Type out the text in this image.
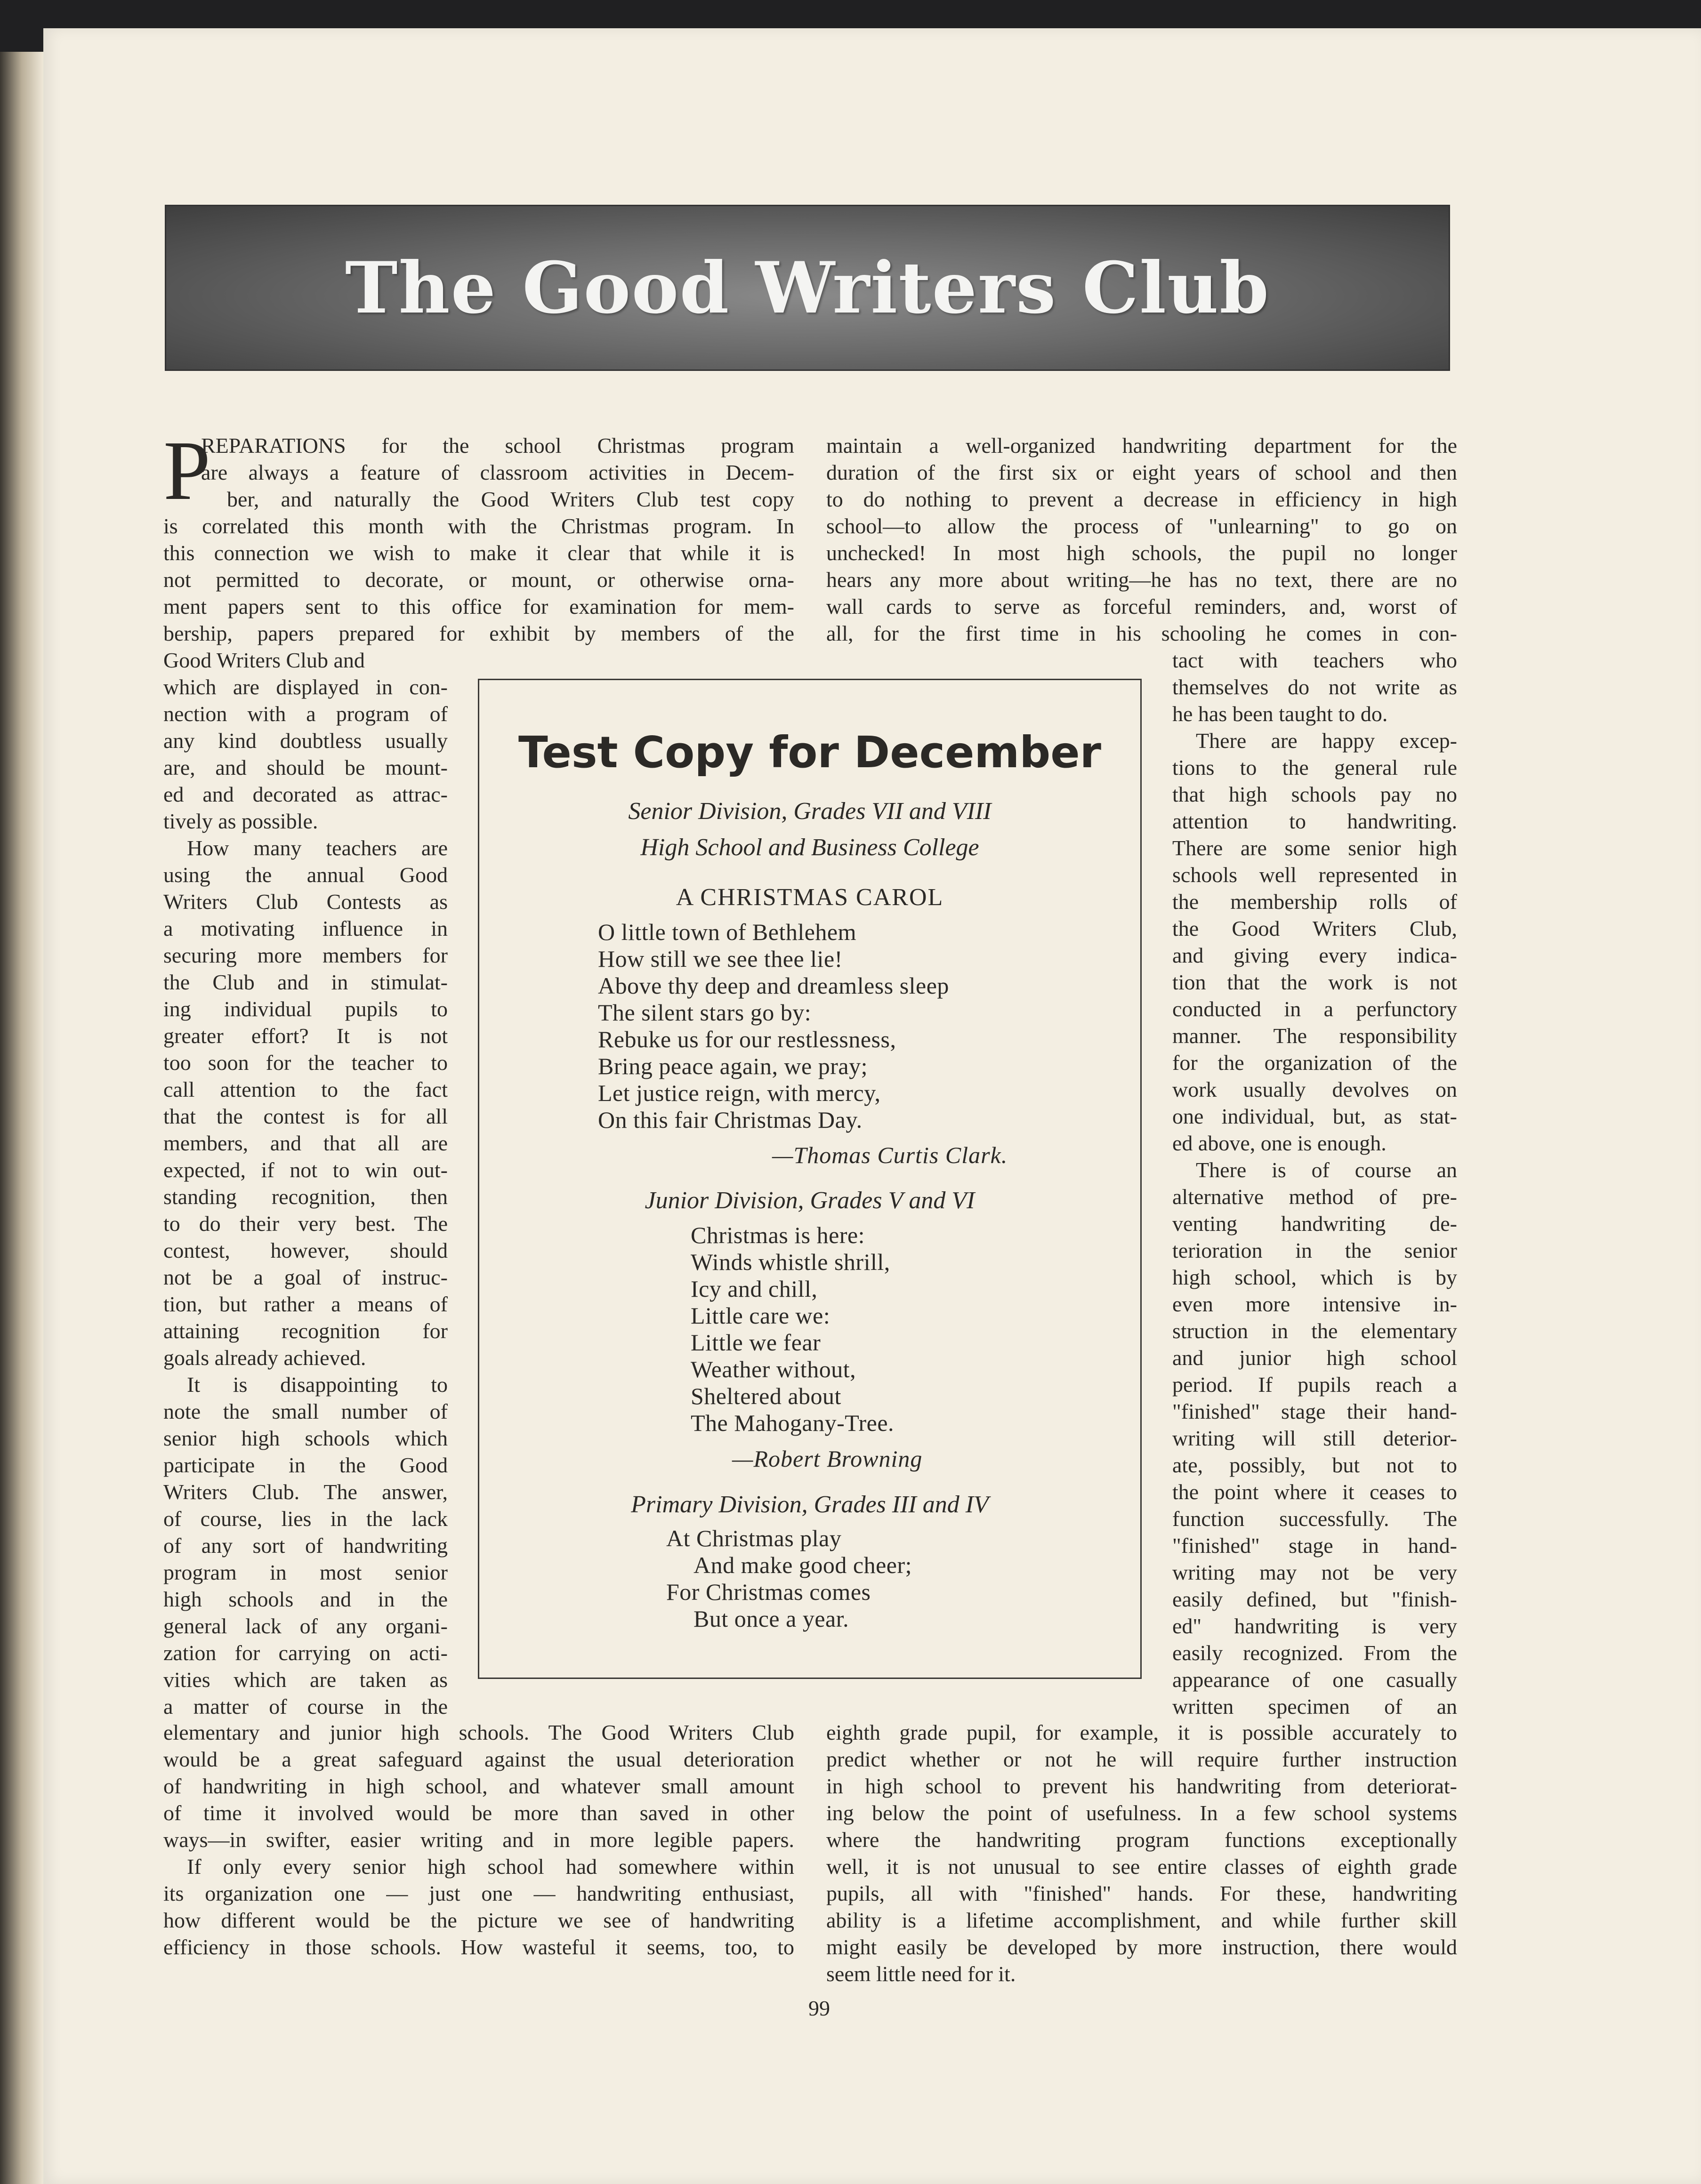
The Good Writers Club
P
REPARATIONS for the school Christmas program
are always a feature of classroom activities in Decem-
ber, and naturally the Good Writers Club test copy
is correlated this month with the Christmas program. In
this connection we wish to make it clear that while it is
not permitted to decorate, or mount, or otherwise orna-
ment papers sent to this office for examination for mem-
bership, papers prepared for exhibit by members of the
Good Writers Club and
which are displayed in con-
nection with a program of
any kind doubtless usually
are, and should be mount-
ed and decorated as attrac-
tively as possible.
How many teachers are
using the annual Good
Writers Club Contests as
a motivating influence in
securing more members for
the Club and in stimulat-
ing individual pupils to
greater effort? It is not
too soon for the teacher to
call attention to the fact
that the contest is for all
members, and that all are
expected, if not to win out-
standing recognition, then
to do their very best. The
contest, however, should
not be a goal of instruc-
tion, but rather a means of
attaining recognition for
goals already achieved.
It is disappointing to
note the small number of
senior high schools which
participate in the Good
Writers Club. The answer,
of course, lies in the lack
of any sort of handwriting
program in most senior
high schools and in the
general lack of any organi-
zation for carrying on acti-
vities which are taken as
a matter of course in the
elementary and junior high schools. The Good Writers Club
would be a great safeguard against the usual deterioration
of handwriting in high school, and whatever small amount
of time it involved would be more than saved in other
ways—in swifter, easier writing and in more legible papers.
If only every senior high school had somewhere within
its organization one — just one — handwriting enthusiast,
how different would be the picture we see of handwriting
efficiency in those schools. How wasteful it seems, too, to
maintain a well-organized handwriting department for the
duration of the first six or eight years of school and then
to do nothing to prevent a decrease in efficiency in high
school—to allow the process of "unlearning" to go on
unchecked! In most high schools, the pupil no longer
hears any more about writing—he has no text, there are no
wall cards to serve as forceful reminders, and, worst of
all, for the first time in his schooling he comes in con-
tact with teachers who
themselves do not write as
he has been taught to do.
There are happy excep-
tions to the general rule
that high schools pay no
attention to handwriting.
There are some senior high
schools well represented in
the membership rolls of
the Good Writers Club,
and giving every indica-
tion that the work is not
conducted in a perfunctory
manner. The responsibility
for the organization of the
work usually devolves on
one individual, but, as stat-
ed above, one is enough.
There is of course an
alternative method of pre-
venting handwriting de-
terioration in the senior
high school, which is by
even more intensive in-
struction in the elementary
and junior high school
period. If pupils reach a
"finished" stage their hand-
writing will still deterior-
ate, possibly, but not to
the point where it ceases to
function successfully. The
"finished" stage in hand-
writing may not be very
easily defined, but "finish-
ed" handwriting is very
easily recognized. From the
appearance of one casually
written specimen of an
eighth grade pupil, for example, it is possible accurately to
predict whether or not he will require further instruction
in high school to prevent his handwriting from deteriorat-
ing below the point of usefulness. In a few school systems
where the handwriting program functions exceptionally
well, it is not unusual to see entire classes of eighth grade
pupils, all with "finished" hands. For these, handwriting
ability is a lifetime accomplishment, and while further skill
might easily be developed by more instruction, there would
seem little need for it.
Test Copy for December

Senior Division, Grades VII and VIII

High School and Business College

A CHRISTMAS CAROL

O little town of Bethlehem
How still we see thee lie!
Above thy deep and dreamless sleep
The silent stars go by:
Rebuke us for our restlessness,
Bring peace again, we pray;
Let justice reign, with mercy,
On this fair Christmas Day.

—Thomas Curtis Clark.

Junior Division, Grades V and VI

Christmas is here:
Winds whistle shrill,
Icy and chill,
Little care we:
Little we fear
Weather without,
Sheltered about
The Mahogany-Tree.

—Robert Browning

Primary Division, Grades III and IV

At Christmas play
And make good cheer;
For Christmas comes
But once a year.

99
